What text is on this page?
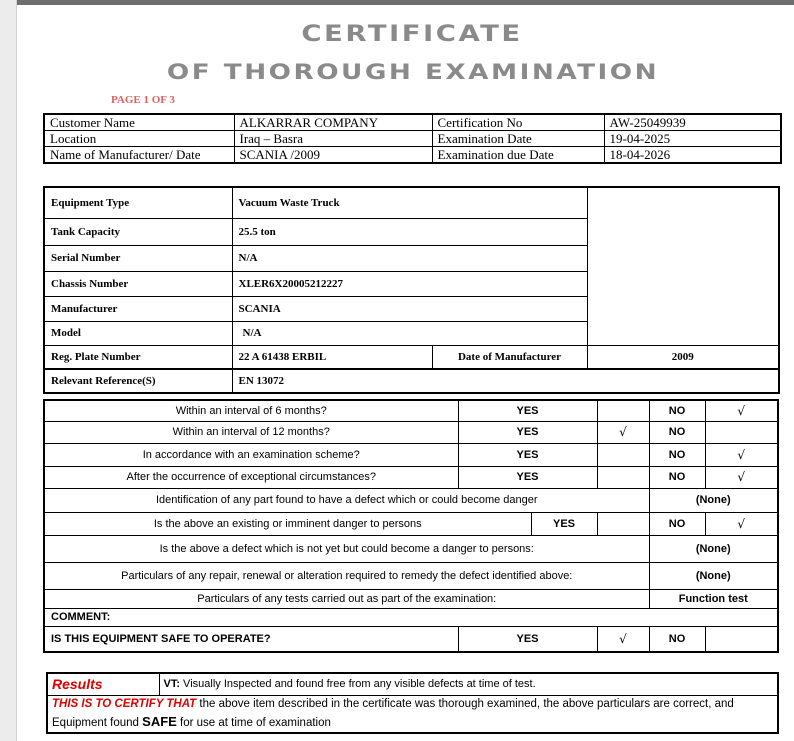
CERTIFICATE
OF THOROUGH EXAMINATION
PAGE 1 OF 3
Customer Name	ALKARRAR COMPANY	Certification No	AW-25049939
Location	Iraq – Basra	Examination Date	19-04-2025
Name of Manufacturer/ Date	SCANIA /2009	Examination due Date	18-04-2026
Equipment Type	Vacuum Waste Truck		
Tank Capacity	25.5 ton		
Serial Number	N/A		
Chassis Number	XLER6X20005212227		
Manufacturer	SCANIA		
Model	N/A		
Reg. Plate Number	22 A 61438 ERBIL	Date of Manufacturer	2009
Relevant Reference(S)	EN 13072		
Within an interval of 6 months?	YES			NO	√
Within an interval of 12 months?	YES		√	NO	
In accordance with an examination scheme?	YES			NO	√
After the occurrence of exceptional circumstances?	YES			NO	√
Identification of any part found to have a defect which or could become danger				(None)	
Is the above an existing or imminent danger to persons		YES		NO	√
Is the above a defect which is not yet but could become a danger to persons:				(None)	
Particulars of any repair, renewal or alteration required to remedy the defect identified above:				(None)	
Particulars of any tests carried out as part of the examination:				Function test	
COMMENT:					
IS THIS EQUIPMENT SAFE TO OPERATE?	YES		√	NO	
Results	VT: Visually Inspected and found free from any visible defects at time of test.
THIS IS TO CERTIFY THAT the above item described in the certificate was thorough examined, the above particulars are correct, and Equipment found SAFE for use at time of examination
